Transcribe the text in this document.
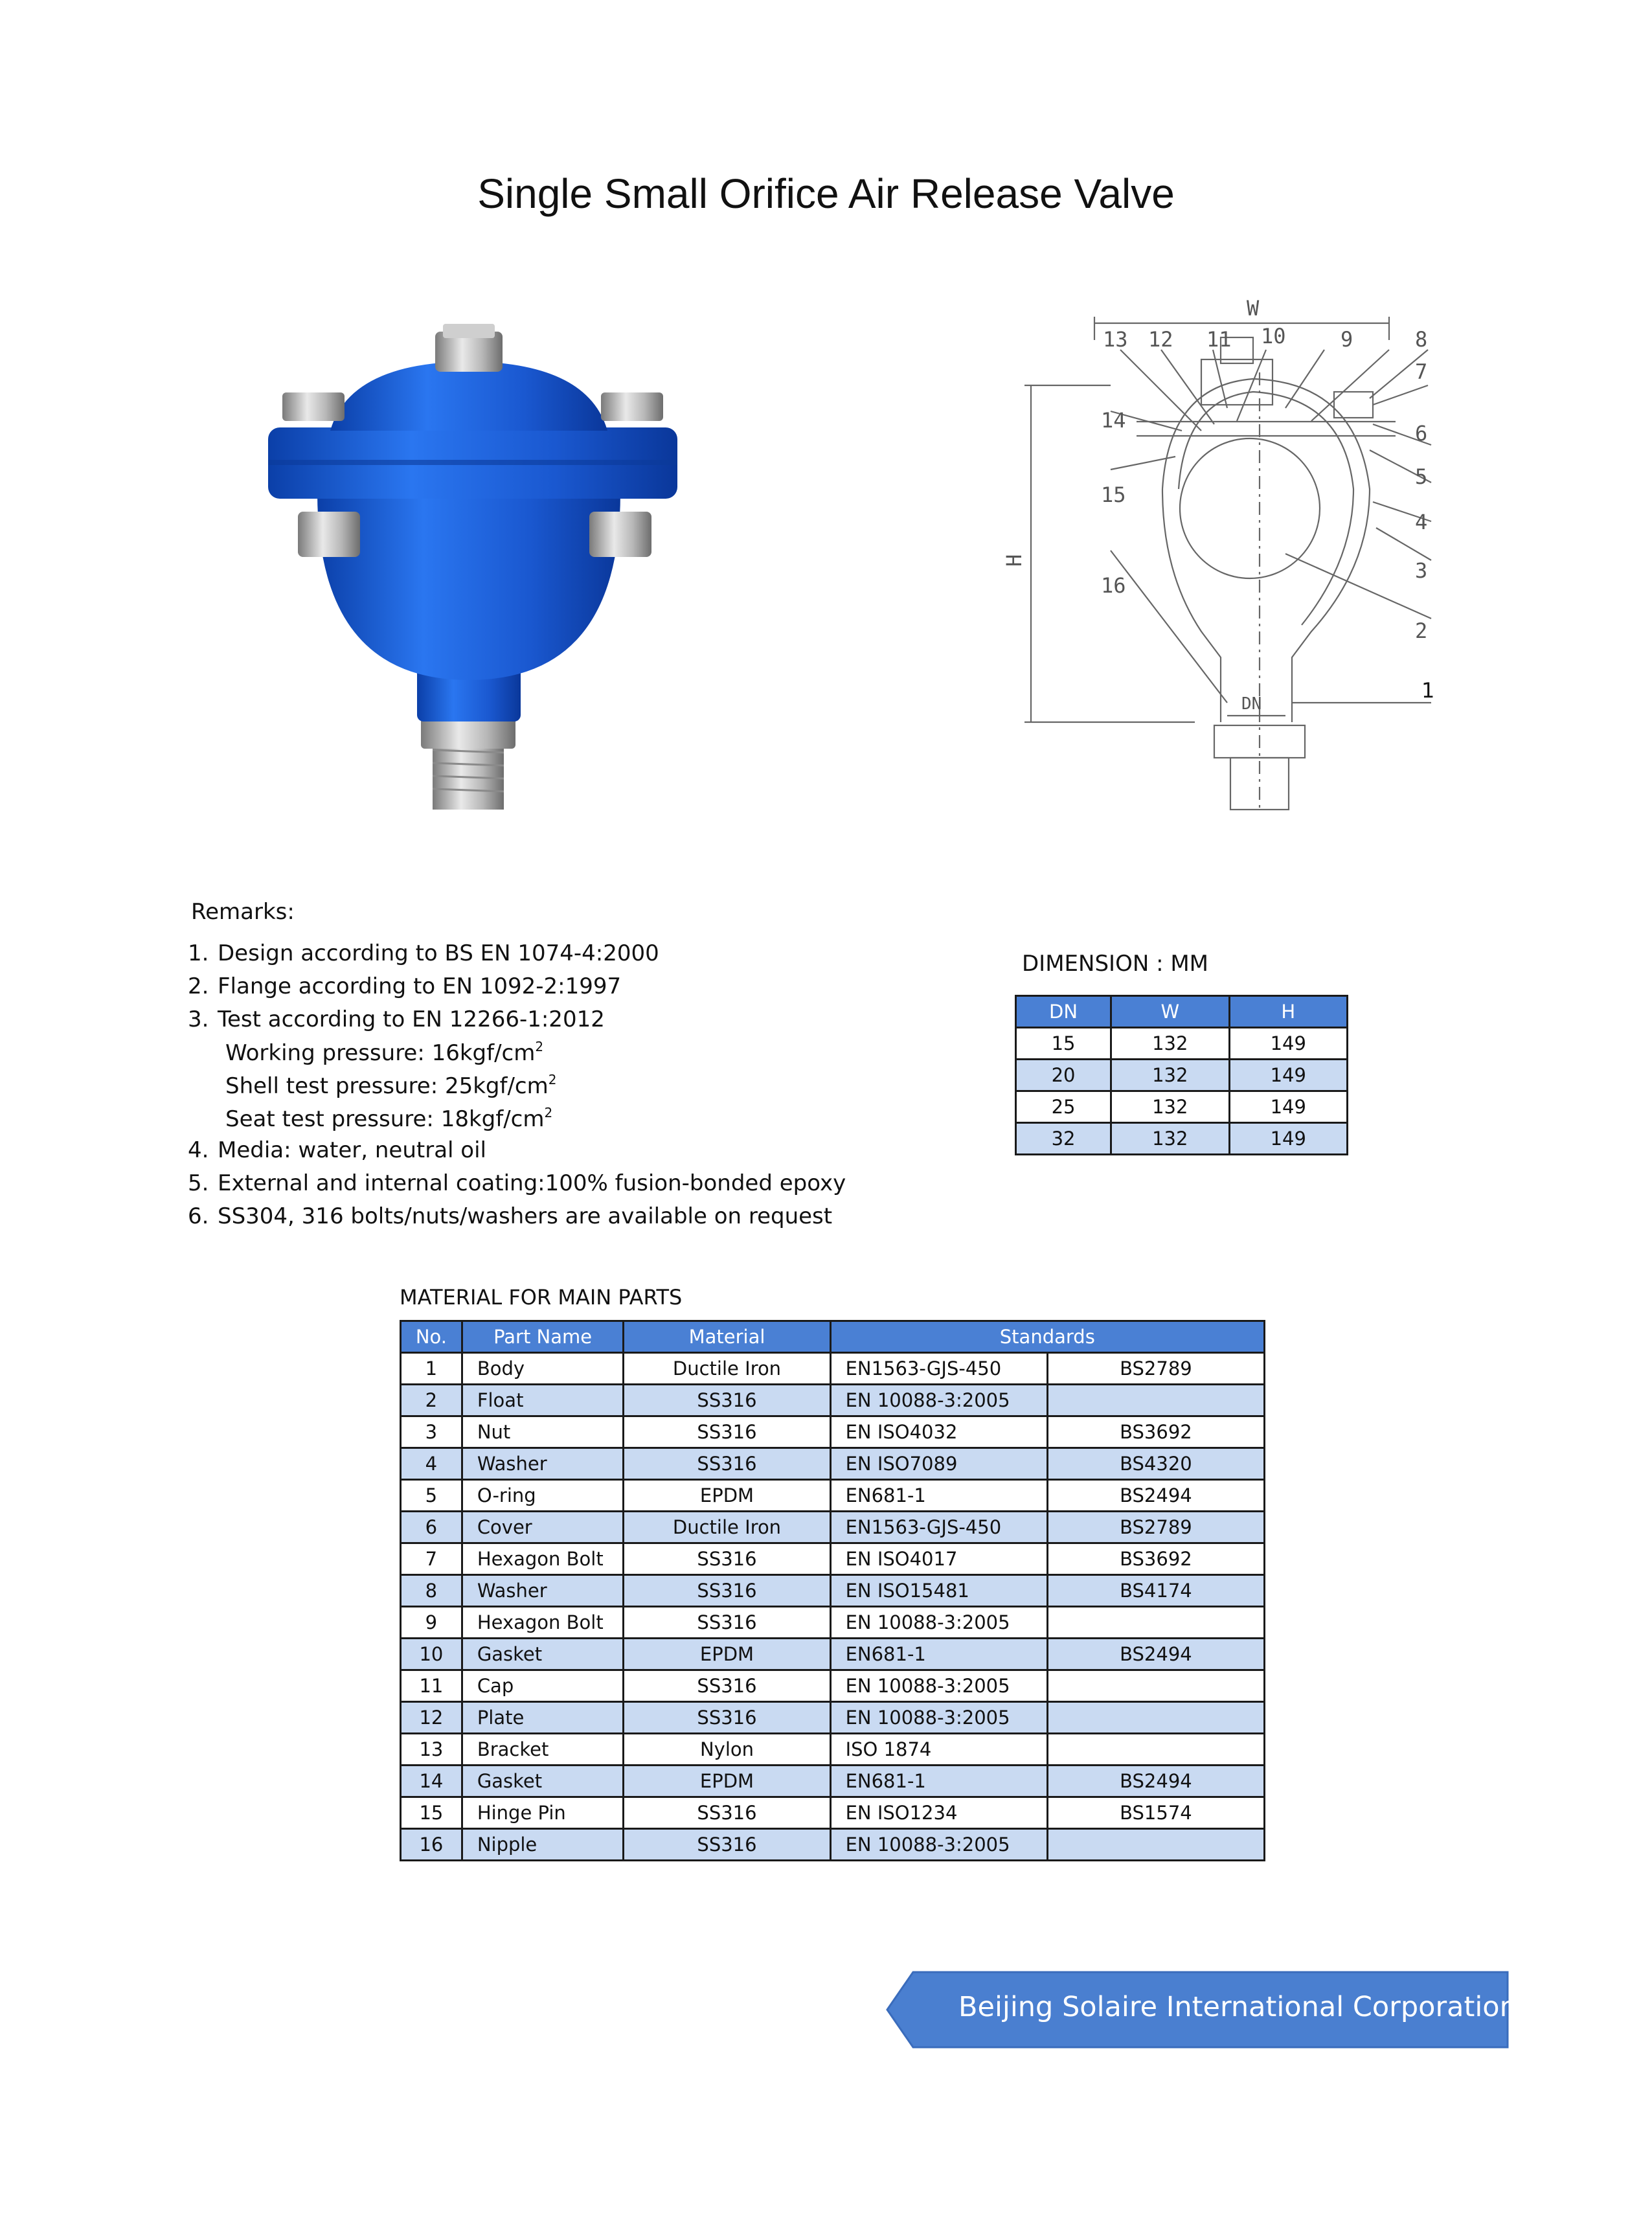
Single Small Orifice Air Release Valve
W
H
DN
13 12 11 10	9	8
7
6
5
4
3
2
1
14
15
16
Remarks:
1. Design according to BS EN 1074-4:2000
2. Flange according to EN 1092-2:1997
3. Test according to EN 12266-1:2012
Working pressure: $16kgf/cm^2$
Shell test pressure: $25kgf/cm^2$
Seat test pressure: $18kgf/cm^2$
4. Media: water, neutral oil
5. External and internal coating:100% fusion-bonded epoxy
6. SS304, 316 bolts/nuts/washers are available on request
DIMENSION : MM
DN	W	H
15	132	149
20	132	149
25	132	149
32	132	149
MATERIAL FOR MAIN PARTS
No.	Part Name	Material	Standards	
1	Body	Ductile Iron	EN1563-GJS-450	BS2789
2	Float	SS316	EN 10088-3:2005	
3	Nut	SS316	EN ISO4032	BS3692
4	Washer	SS316	EN ISO7089	BS4320
5	O-ring	EPDM	EN681-1	BS2494
6	Cover	Ductile Iron	EN1563-GJS-450	BS2789
7	Hexagon Bolt	SS316	EN ISO4017	BS3692
8	Washer	SS316	EN ISO15481	BS4174
9	Hexagon Bolt	SS316	EN 10088-3:2005	
10	Gasket	EPDM	EN681-1	BS2494
11	Cap	SS316	EN 10088-3:2005	
12	Plate	SS316	EN 10088-3:2005	
13	Bracket	Nylon	ISO 1874	
14	Gasket	EPDM	EN681-1	BS2494
15	Hinge Pin	SS316	EN ISO1234	BS1574
16	Nipple	SS316	EN 10088-3:2005	
Beijing Solaire International Corporation
